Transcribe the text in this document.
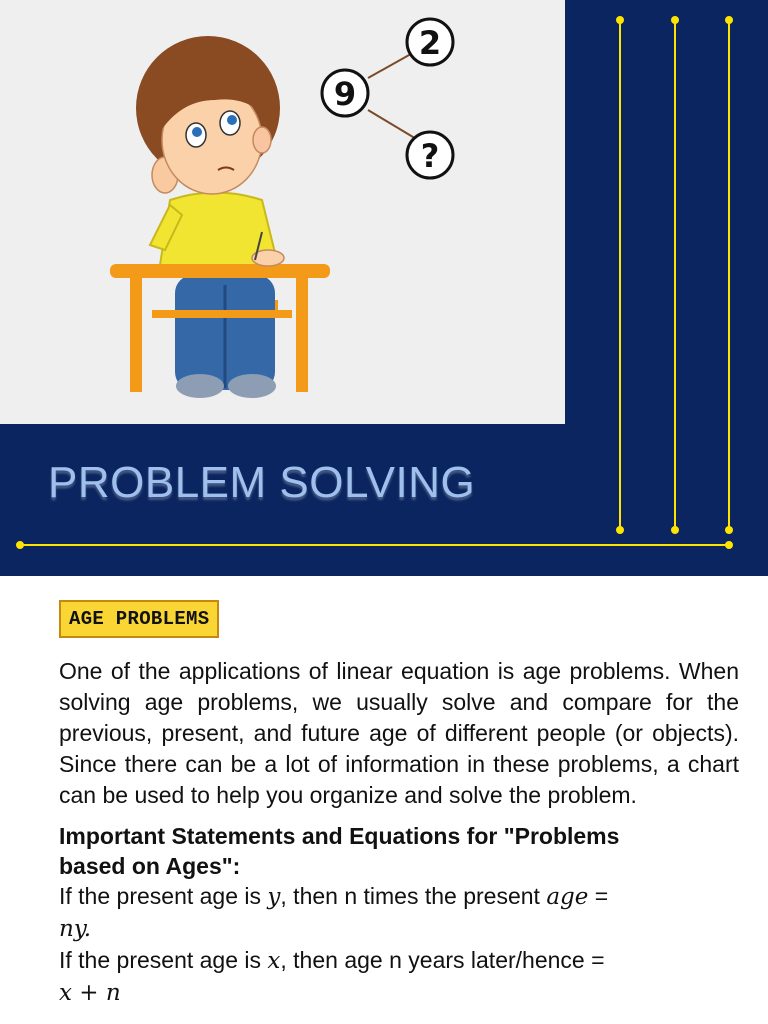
2
9
?
PROBLEM SOLVING
AGE PROBLEMS
One of the applications of linear equation is age problems. When solving age problems, we usually solve and compare for the previous, present, and future age of different people (or objects). Since there can be a lot of information in these problems, a chart can be used to help you organize and solve the problem.
Important Statements and Equations for "Problems based on Ages":
If the present age is y, then n times the present age =
ny.
If the present age is x, then age n years later/hence =
x + n
